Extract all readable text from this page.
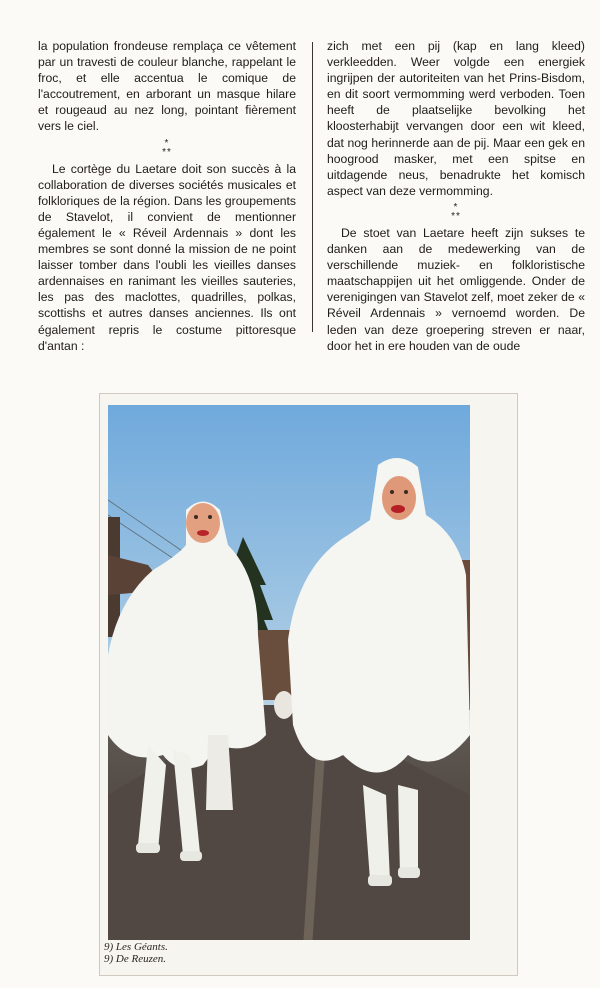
la population frondeuse remplaça ce vêtement par un travesti de couleur blanche, rappelant le froc, et elle accentua le comique de l'accoutrement, en arborant un masque hilare et rougeaud au nez long, pointant fièrement vers le ciel.

*
**

Le cortège du Laetare doit son succès à la collaboration de diverses sociétés musicales et folkloriques de la région. Dans les groupements de Stavelot, il convient de mentionner également le « Réveil Ardennais » dont les membres se sont donné la mission de ne point laisser tomber dans l'oubli les vieilles danses ardennaises en ranimant les vieilles sauteries, les pas des maclottes, quadrilles, polkas, scottishs et autres danses anciennes. Ils ont également repris le costume pittoresque d'antan :

zich met een pij (kap en lang kleed) verkleedden. Weer volgde een energiek ingrijpen der autoriteiten van het Prins-Bisdom, en dit soort vermomming werd verboden. Toen heeft de plaatselijke bevolking het kloosterhabijt vervangen door een wit kleed, dat nog herinnerde aan de pij. Maar een gek en hoogrood masker, met een spitse en uitdagende neus, benadrukte het komisch aspect van deze vermomming.

*
**

De stoet van Laetare heeft zijn sukses te danken aan de medewerking van de verschillende muziek- en folkloristische maatschappijen uit het omliggende. Onder de verenigingen van Stavelot zelf, moet zeker de « Réveil Ardennais » vernoemd worden. De leden van deze groepering streven er naar, door het in ere houden van de oude

9) Les Géants.
9) De Reuzen.
